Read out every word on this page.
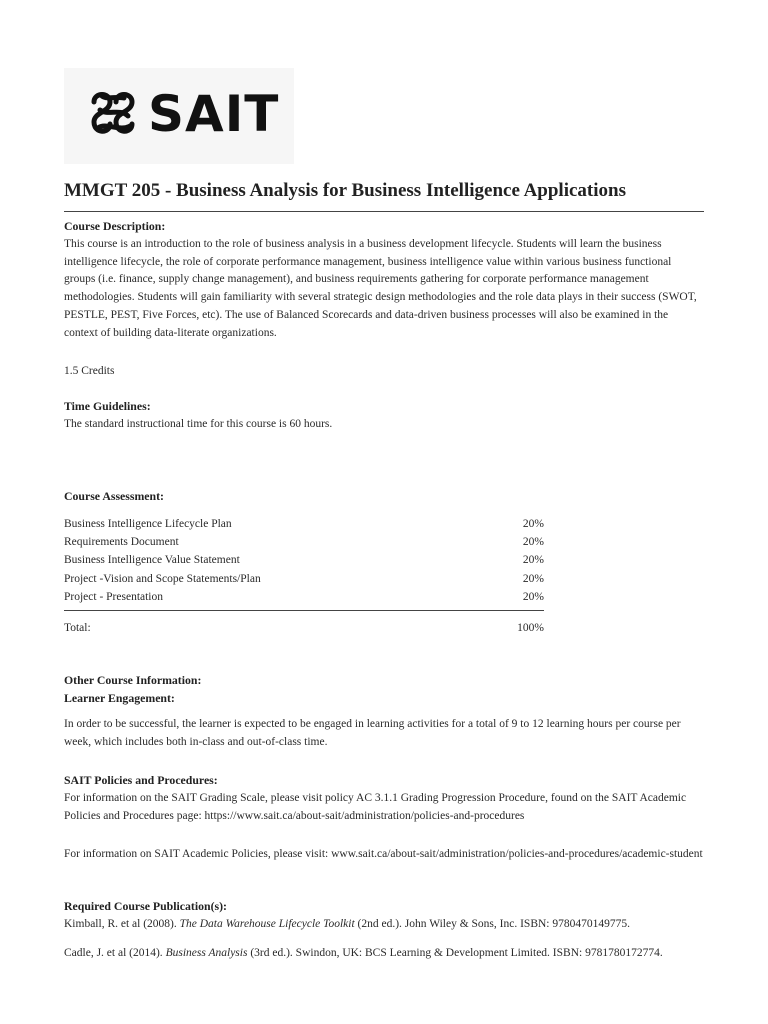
SAIT
MMGT 205 - Business Analysis for Business Intelligence Applications
Course Description:
This course is an introduction to the role of business analysis in a business development lifecycle. Students will learn the business intelligence lifecycle, the role of corporate performance management, business intelligence value within various business functional groups (i.e. finance, supply change management), and business requirements gathering for corporate performance management methodologies. Students will gain familiarity with several strategic design methodologies and the role data plays in their success (SWOT, PESTLE, PEST, Five Forces, etc). The use of Balanced Scorecards and data-driven business processes will also be examined in the context of building data-literate organizations.
1.5 Credits
Time Guidelines:
The standard instructional time for this course is 60 hours.
Course Assessment:
Business Intelligence Lifecycle Plan	20%
Requirements Document	20%
Business Intelligence Value Statement	20%
Project -Vision and Scope Statements/Plan	20%
Project - Presentation	20%
Total:	100%
Other Course Information:
Learner Engagement:
In order to be successful, the learner is expected to be engaged in learning activities for a total of 9 to 12 learning hours per course per week, which includes both in-class and out-of-class time.
SAIT Policies and Procedures:
For information on the SAIT Grading Scale, please visit policy AC 3.1.1 Grading Progression Procedure, found on the SAIT Academic Policies and Procedures page: https://www.sait.ca/about-sait/administration/policies-and-procedures
For information on SAIT Academic Policies, please visit: www.sait.ca/about-sait/administration/policies-and-procedures/academic-student
Required Course Publication(s):
Kimball, R. et al (2008). The Data Warehouse Lifecycle Toolkit (2nd ed.). John Wiley & Sons, Inc. ISBN: 9780470149775.
Cadle, J. et al (2014). Business Analysis (3rd ed.). Swindon, UK: BCS Learning & Development Limited. ISBN: 9781780172774.
